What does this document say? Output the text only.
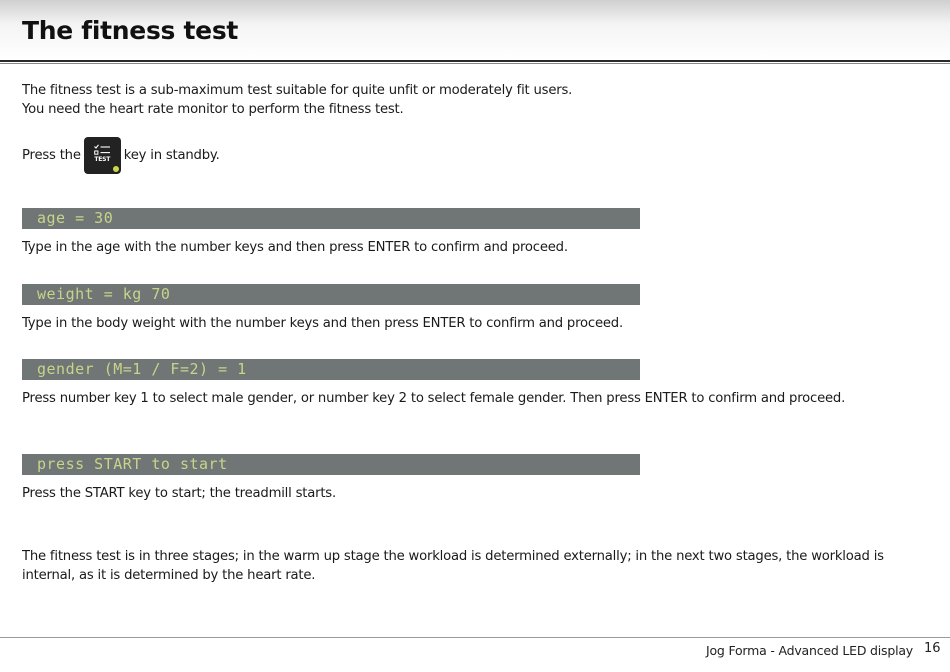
The fitness test

The fitness test is a sub-maximum test suitable for quite unfit or moderately fit users.

You need the heart rate monitor to perform the fitness test.

Press the	TEST	key in standby.
age = 30

Type in the age with the number keys and then press ENTER to confirm and proceed.

weight = kg 70

Type in the body weight with the number keys and then press ENTER to confirm and proceed.

gender (M=1 / F=2) = 1

Press number key 1 to select male gender, or number key 2 to select female gender. Then press ENTER to confirm and proceed.

press START to start

Press the START key to start; the treadmill starts.

The fitness test is in three stages; in the warm up stage the workload is determined externally; in the next two stages, the workload is internal, as it is determined by the heart rate.

Jog Forma - Advanced LED display 16
